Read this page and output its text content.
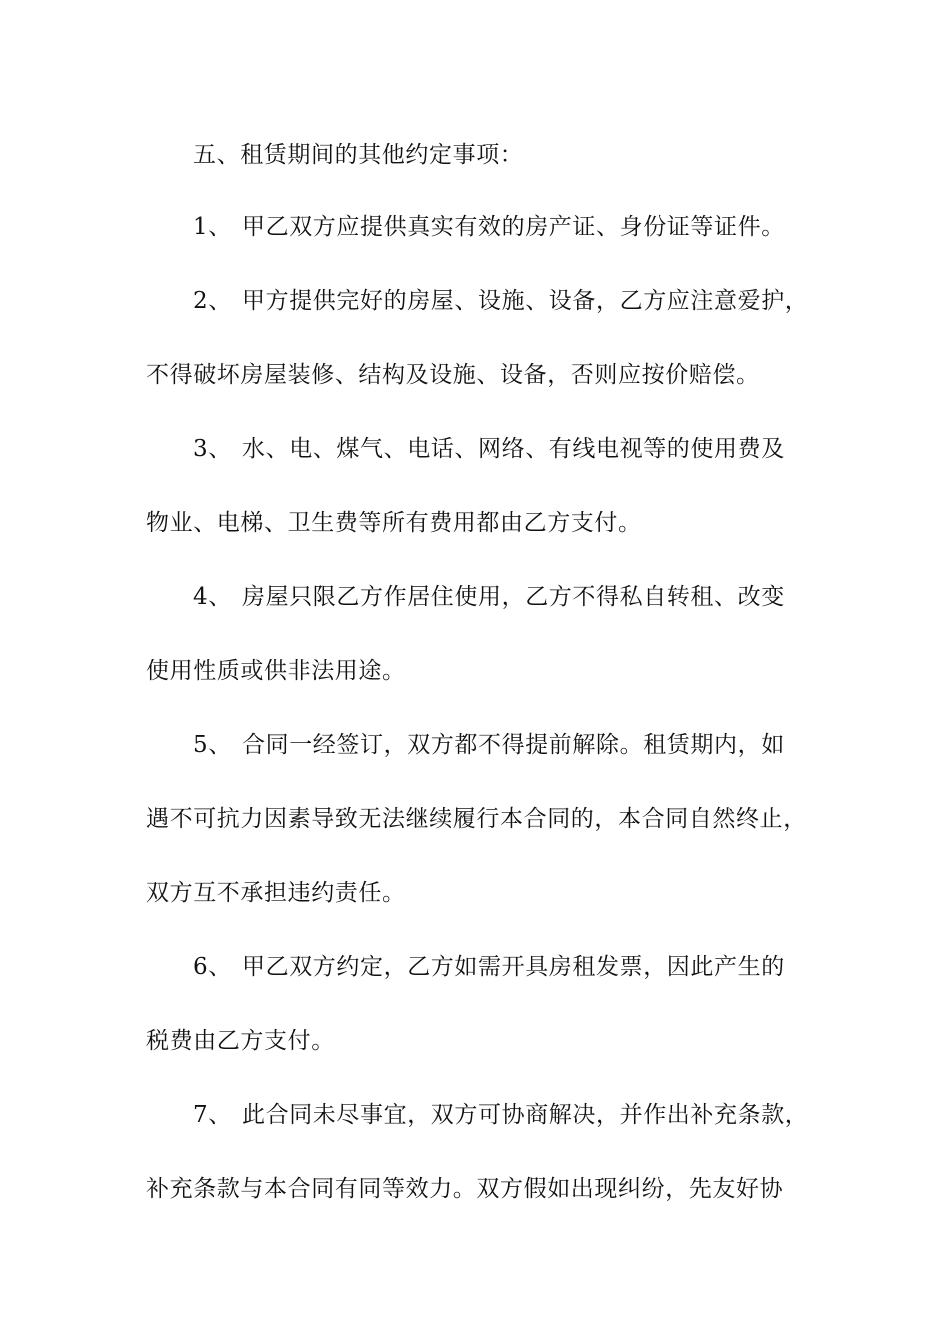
五、租赁期间的其他约定事项：
1、 甲乙双方应提供真实有效的房产证、身份证等证件。
2、 甲方提供完好的房屋、设施、设备，乙方应注意爱护，
不得破坏房屋装修、结构及设施、设备，否则应按价赔偿。
3、 水、电、煤气、电话、网络、有线电视等的使用费及
物业、电梯、卫生费等所有费用都由乙方支付。
4、 房屋只限乙方作居住使用，乙方不得私自转租、改变
使用性质或供非法用途。
5、 合同一经签订，双方都不得提前解除。租赁期内，如
遇不可抗力因素导致无法继续履行本合同的，本合同自然终止，
双方互不承担违约责任。
6、 甲乙双方约定，乙方如需开具房租发票，因此产生的
税费由乙方支付。
7、 此合同未尽事宜，双方可协商解决，并作出补充条款，
补充条款与本合同有同等效力。双方假如出现纠纷，先友好协
